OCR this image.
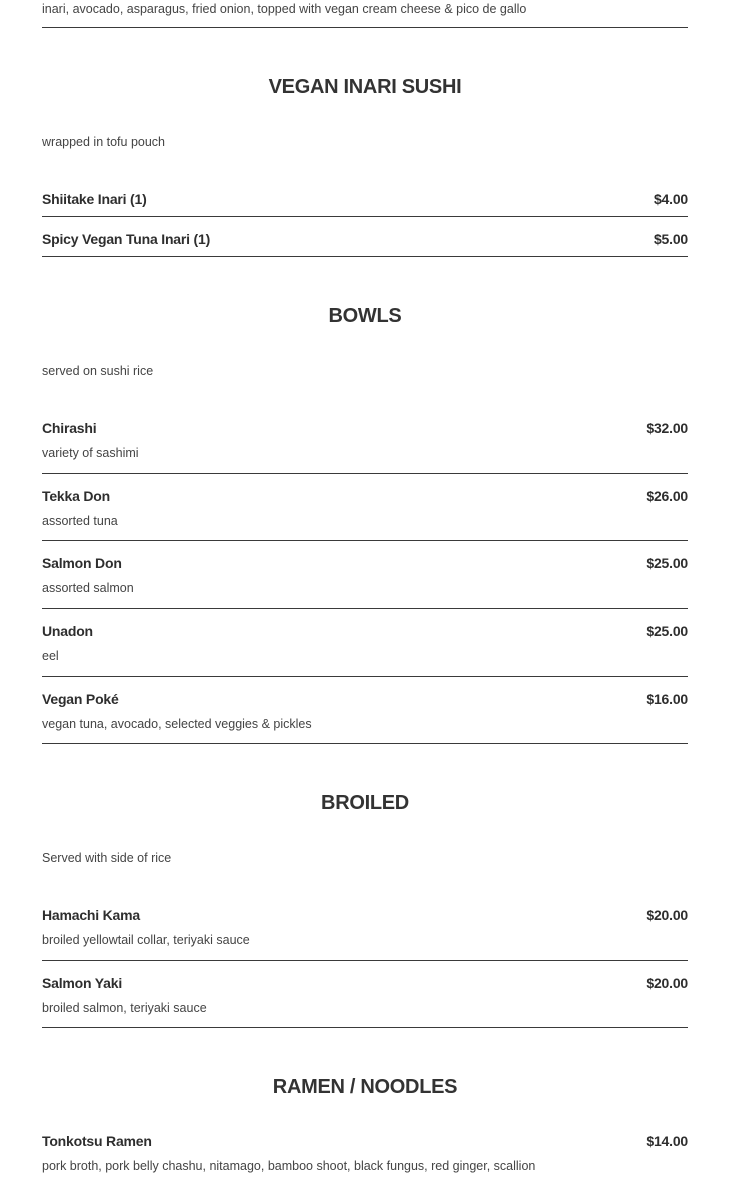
inari, avocado, asparagus, fried onion, topped with vegan cream cheese & pico de gallo
VEGAN INARI SUSHI
wrapped in tofu pouch
Shiitake Inari (1)	$4.00
Spicy Vegan Tuna Inari (1)	$5.00
BOWLS
served on sushi rice
Chirashi	$32.00
variety of sashimi
Tekka Don	$26.00
assorted tuna
Salmon Don	$25.00
assorted salmon
Unadon	$25.00
eel
Vegan Poké	$16.00
vegan tuna, avocado, selected veggies & pickles
BROILED
Served with side of rice
Hamachi Kama	$20.00
broiled yellowtail collar, teriyaki sauce
Salmon Yaki	$20.00
broiled salmon, teriyaki sauce
RAMEN / NOODLES
Tonkotsu Ramen	$14.00
pork broth, pork belly chashu, nitamago, bamboo shoot, black fungus, red ginger, scallion
